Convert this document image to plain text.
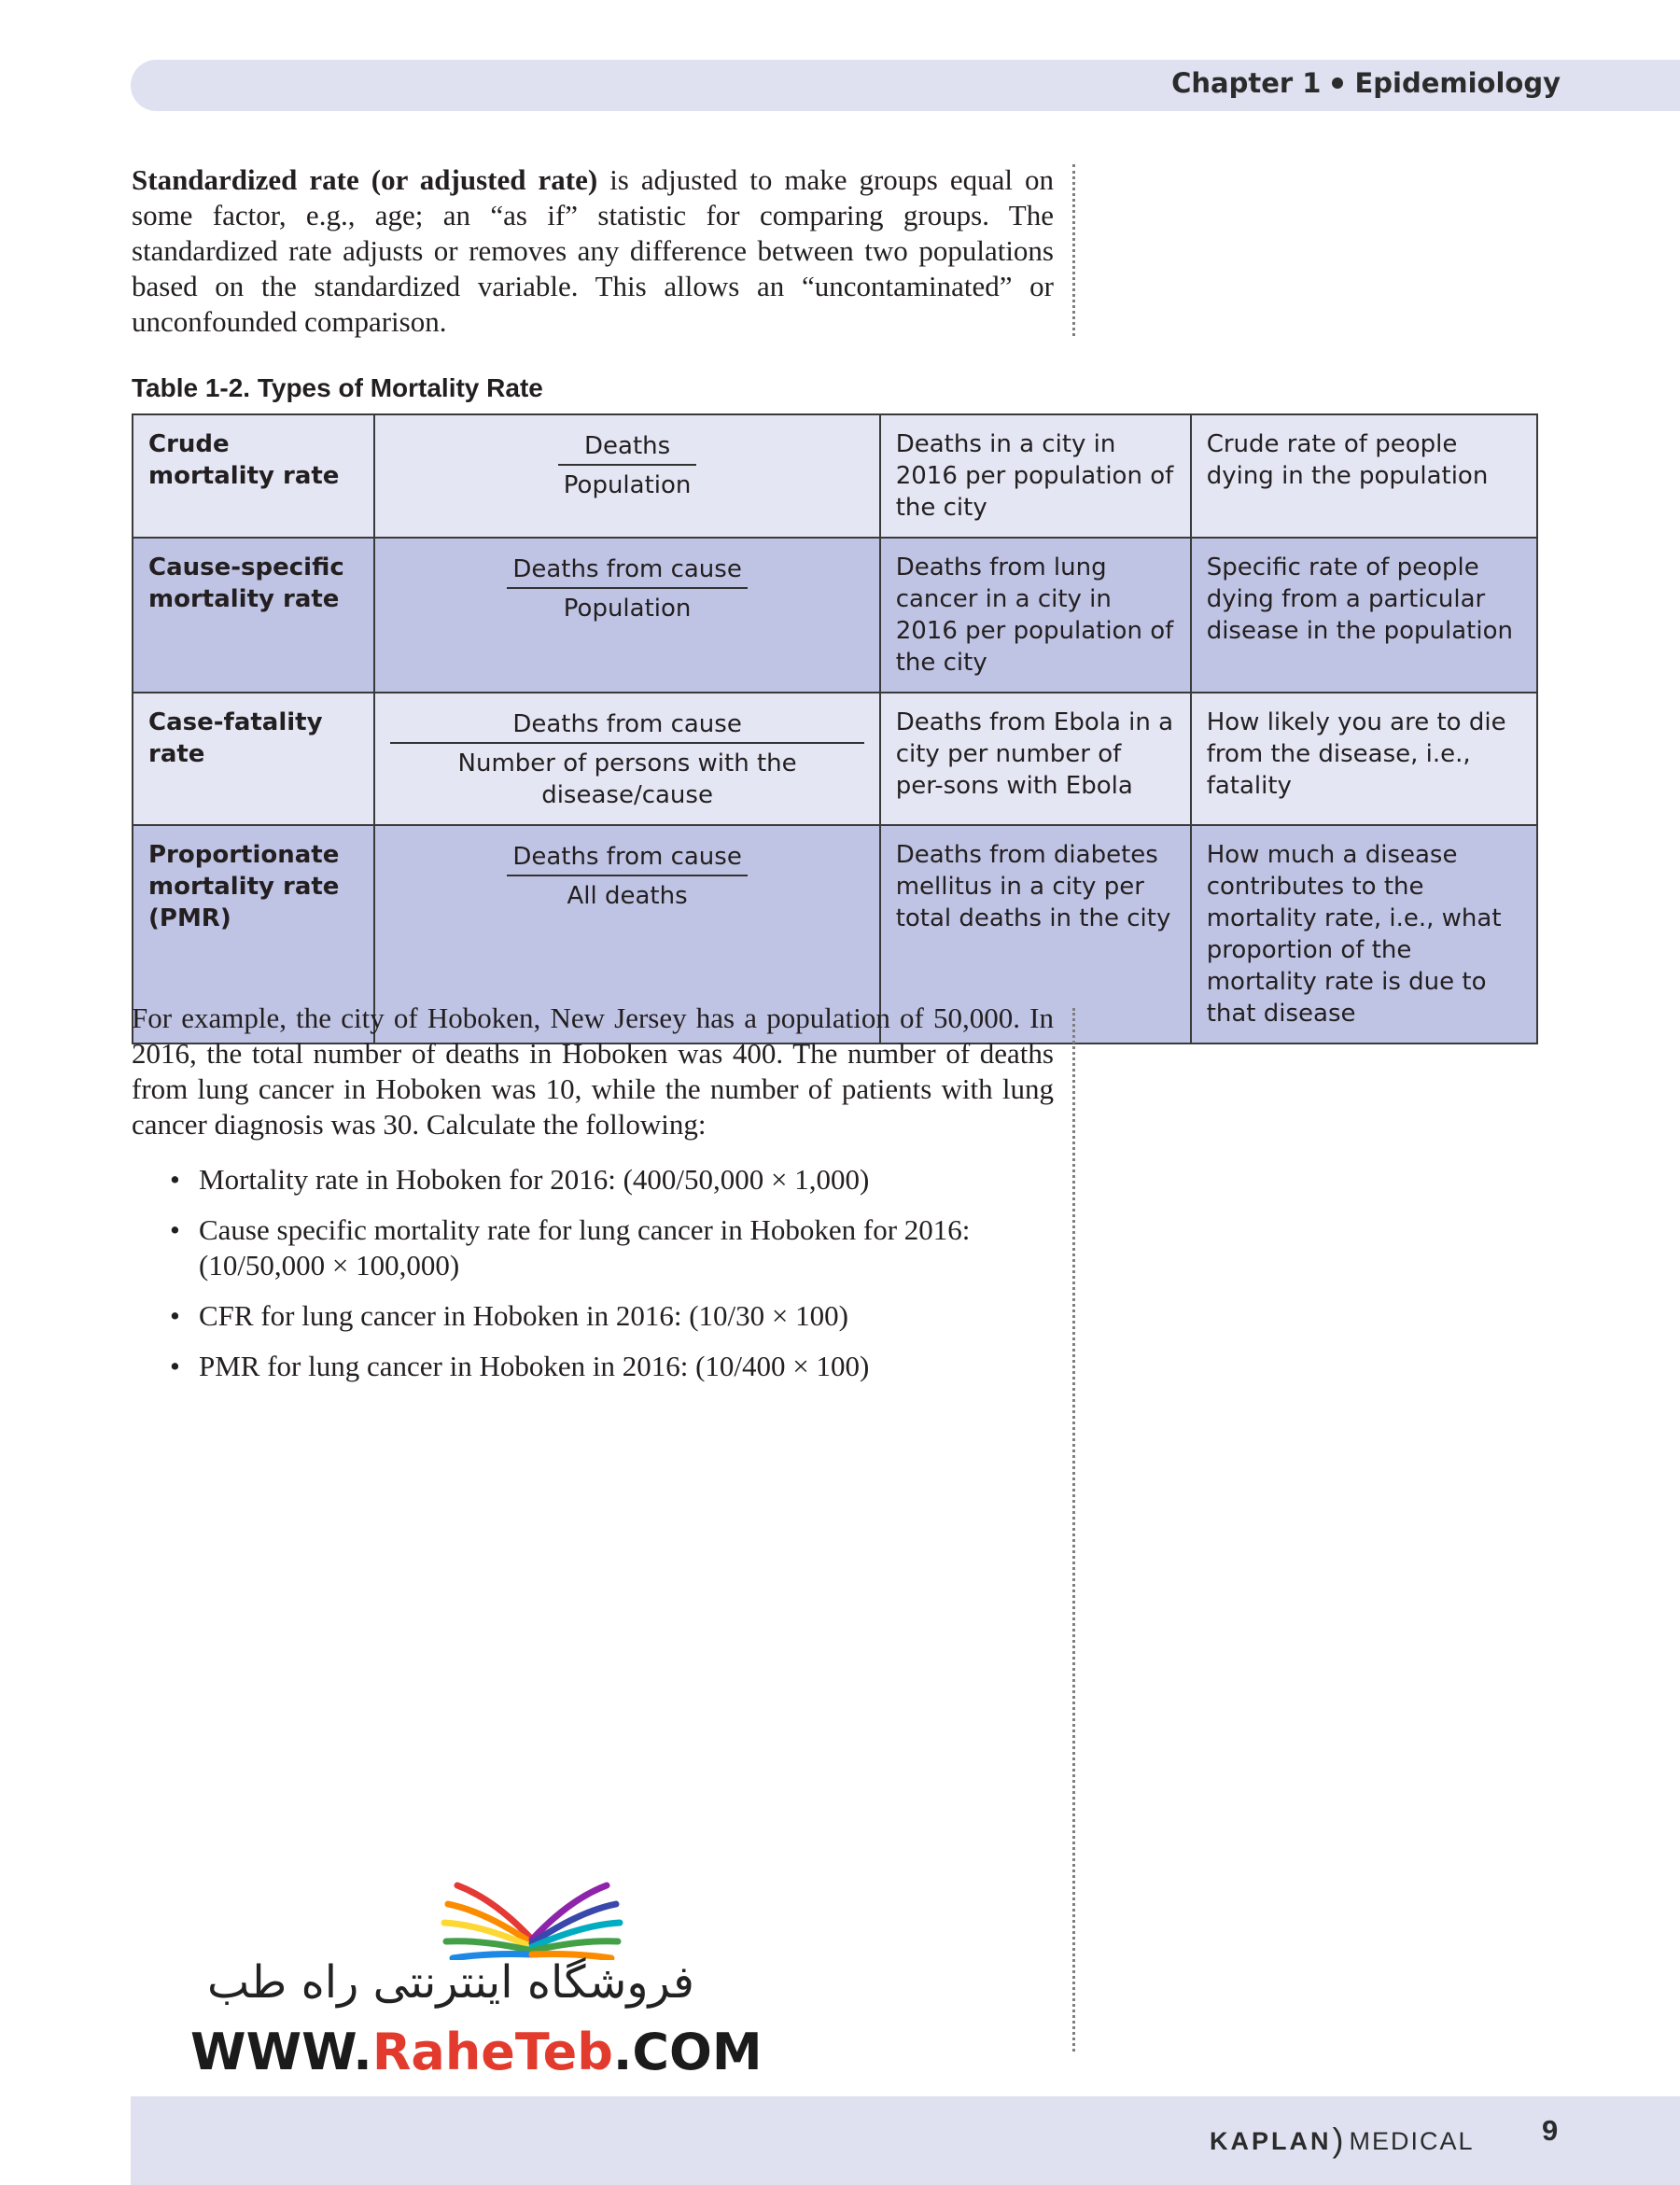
Chapter 1 Epidemiology

Standardized rate (or adjusted rate) is adjusted to make groups equal on some factor, e.g., age; an “as if” statistic for comparing groups. The standardized rate adjusts or removes any difference between two populations based on the standardized variable. This allows an “uncontaminated” or unconfounded comparison.

Table 1-2. Types of Mortality Rate
Crude mortality rate	$\frac{\text{Deaths}}{\text{Population}}$	Deaths in a city in 2016 per population of the city	Crude rate of people dying in the population
Cause-specific mortality rate	$\frac{\text{Deaths from cause}}{\text{Population}}$	Deaths from lung cancer in a city in 2016 per population of the city	Specific rate of people dying from a particular disease in the population
Case-fatality rate	$\frac{\text{Deaths from cause}}{\text{Number of persons with the disease/cause}}$	Deaths from Ebola in a city per number of per-sons with Ebola	How likely you are to die from the disease, i.e., fatality
Proportionate mortality rate (PMR)	$\frac{\text{Deaths from cause}}{\text{All deaths}}$	Deaths from diabetes mellitus in a city per total deaths in the city	How much a disease contributes to the mortality rate, i.e., what proportion of the mortality rate is due to that disease

For example, the city of Hoboken, New Jersey has a population of 50,000. In 2016, the total number of deaths in Hoboken was 400. The number of deaths from lung cancer in Hoboken was 10, while the number of patients with lung cancer diagnosis was 30. Calculate the following:

• Mortality rate in Hoboken for 2016: (400/50,000 × 1,000)
• Cause specific mortality rate for lung cancer in Hoboken for 2016: (10/50,000 × 100,000)
• CFR for lung cancer in Hoboken in 2016: (10/30 × 100)
• PMR for lung cancer in Hoboken in 2016: (10/400 × 100)
فروشگاه اینترنتی راه طب
WWW.RaheTeb.COM
KAPLAN) MEDICAL 9
